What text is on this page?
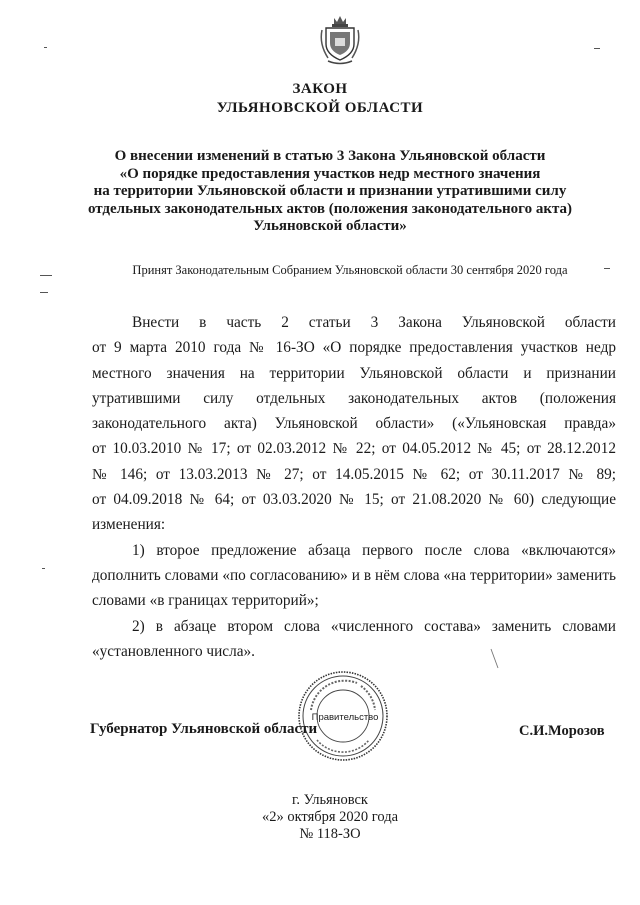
ЗАКОН
УЛЬЯНОВСКОЙ ОБЛАСТИ
О внесении изменений в статью 3 Закона Ульяновской области
«О порядке предоставления участков недр местного значения
на территории Ульяновской области и признании утратившими силу
отдельных законодательных актов (положения законодательного акта)
Ульяновской области»
Принят Законодательным Собранием Ульяновской области 30 сентября 2020 года

Внести в часть 2 статьи 3 Закона Ульяновской области

от 9 марта 2010 года № 16-ЗО «О порядке предоставления участков недр

местного значения на территории Ульяновской области и признании

утратившими силу отдельных законодательных актов (положения

законодательного акта) Ульяновской области» («Ульяновская правда»

от 10.03.2010 № 17; от 02.03.2012 № 22; от 04.05.2012 № 45; от 28.12.2012

№ 146; от 13.03.2013 № 27; от 14.05.2015 № 62; от 30.11.2017 № 89;

от 04.09.2018 № 64; от 03.03.2020 № 15; от 21.08.2020 № 60) следующие

изменения:

1) второе предложение абзаца первого после слова «включаются»

дополнить словами «по согласованию» и в нём слова «на территории» заменить

словами «в границах территорий»;

2) в абзаце втором слова «численного состава» заменить словами

«установленного числа».

Правительство
Губернатор Ульяновской области	С.И.Морозов
г. Ульяновск
«2» октября 2020 года
№ 118-ЗО
